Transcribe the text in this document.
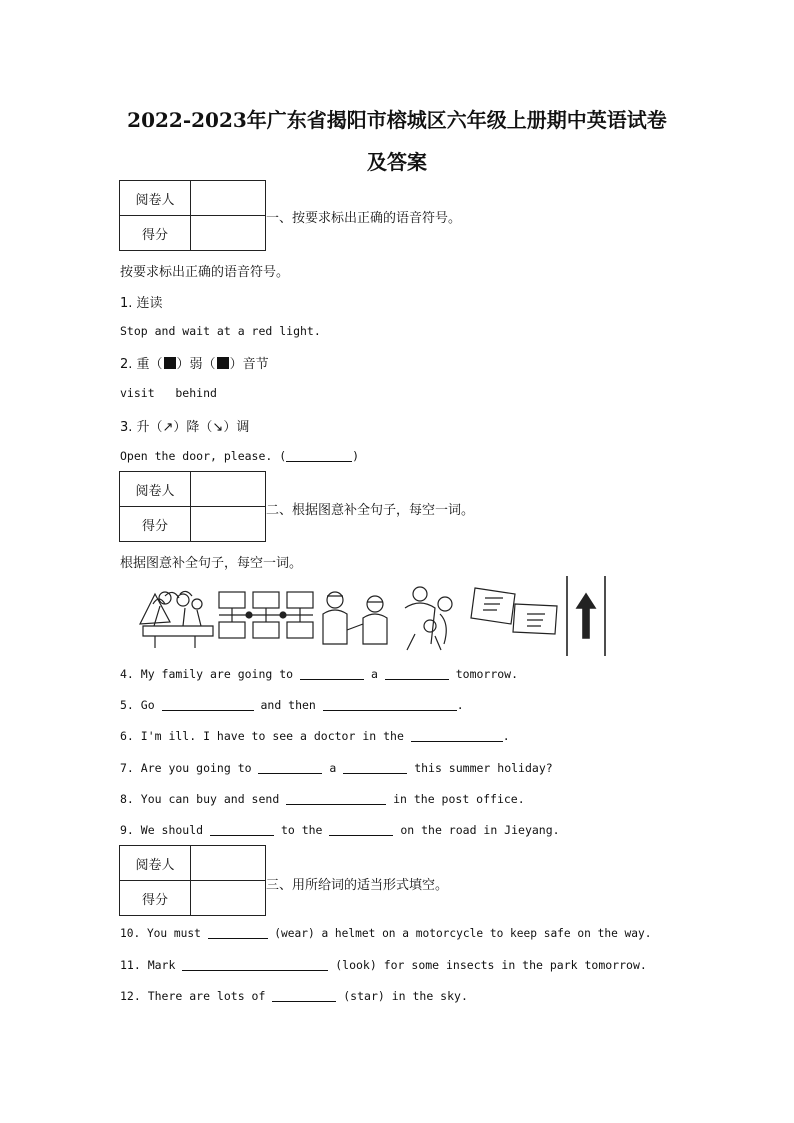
2022-2023年广东省揭阳市榕城区六年级上册期中英语试卷
及答案
阅卷人	
得分	
一、按要求标出正确的语音符号。
按要求标出正确的语音符号。
1. 连读
Stop and wait at a red light.
2. 重（ ）弱（ ）音节
visit   behind
3. 升（↗）降（↘）调
Open the door, please. (	)
阅卷人	
得分	
二、根据图意补全句子，每空一词。
根据图意补全句子，每空一词。
4. My family are going to	a	tomorrow.
5. Go	and then	.
6. I'm ill. I have to see a doctor in the	.
7. Are you going to	a	this summer holiday?
8. You can buy and send	in the post office.
9. We should	to the	on the road in Jieyang.
阅卷人	
得分	
三、用所给词的适当形式填空。
10. You must	(wear) a helmet on a motorcycle to keep safe on the way.
11. Mark	(look) for some insects in the park tomorrow.
12. There are lots of	(star) in the sky.
